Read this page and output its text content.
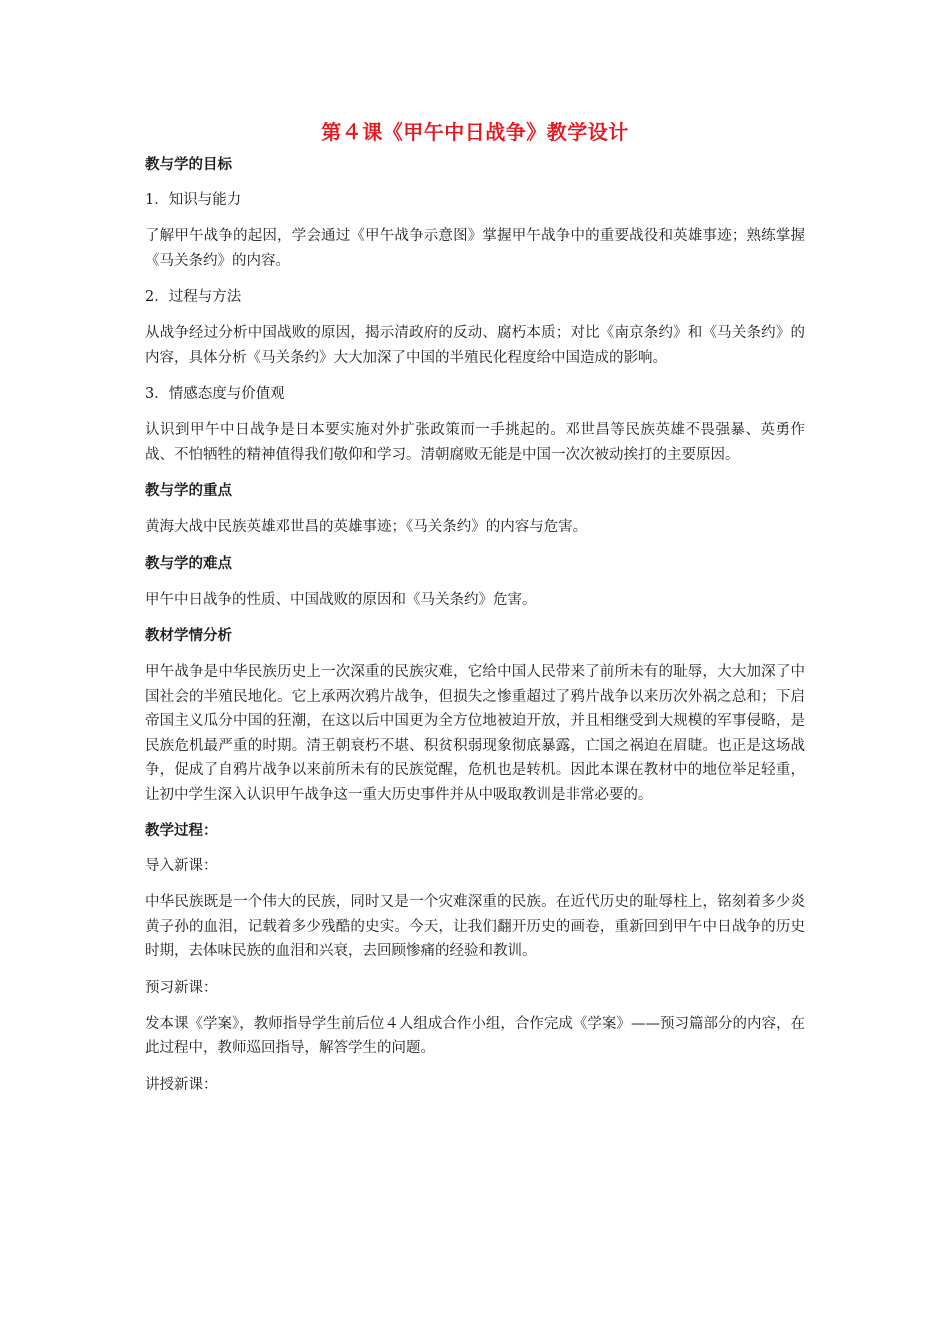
第４课《甲午中日战争》教学设计
教与学的目标
1．知识与能力
了解甲午战争的起因，学会通过《甲午战争示意图》掌握甲午战争中的重要战役和英雄事迹；熟练掌握《马关条约》的内容。
2．过程与方法
从战争经过分析中国战败的原因，揭示清政府的反动、腐朽本质；对比《南京条约》和《马关条约》的内容，具体分析《马关条约》大大加深了中国的半殖民化程度给中国造成的影响。
3．情感态度与价值观
认识到甲午中日战争是日本要实施对外扩张政策而一手挑起的。邓世昌等民族英雄不畏强暴、英勇作战、不怕牺牲的精神值得我们敬仰和学习。清朝腐败无能是中国一次次被动挨打的主要原因。
教与学的重点
黄海大战中民族英雄邓世昌的英雄事迹；《马关条约》的内容与危害。
教与学的难点
甲午中日战争的性质、中国战败的原因和《马关条约》危害。
教材学情分析
甲午战争是中华民族历史上一次深重的民族灾难，它给中国人民带来了前所未有的耻辱，大大加深了中国社会的半殖民地化。它上承两次鸦片战争，但损失之惨重超过了鸦片战争以来历次外祸之总和；下启帝国主义瓜分中国的狂潮，在这以后中国更为全方位地被迫开放，并且相继受到大规模的军事侵略，是民族危机最严重的时期。清王朝衰朽不堪、积贫积弱现象彻底暴露，亡国之祸迫在眉睫。也正是这场战争，促成了自鸦片战争以来前所未有的民族觉醒，危机也是转机。因此本课在教材中的地位举足轻重，让初中学生深入认识甲午战争这一重大历史事件并从中吸取教训是非常必要的。
教学过程：
导入新课：
中华民族既是一个伟大的民族，同时又是一个灾难深重的民族。在近代历史的耻辱柱上，铭刻着多少炎黄子孙的血泪，记载着多少残酷的史实。今天，让我们翻开历史的画卷，重新回到甲午中日战争的历史时期，去体味民族的血泪和兴衰，去回顾惨痛的经验和教训。
预习新课：
发本课《学案》，教师指导学生前后位４人组成合作小组，合作完成《学案》——预习篇部分的内容，在此过程中，教师巡回指导，解答学生的问题。
讲授新课：
